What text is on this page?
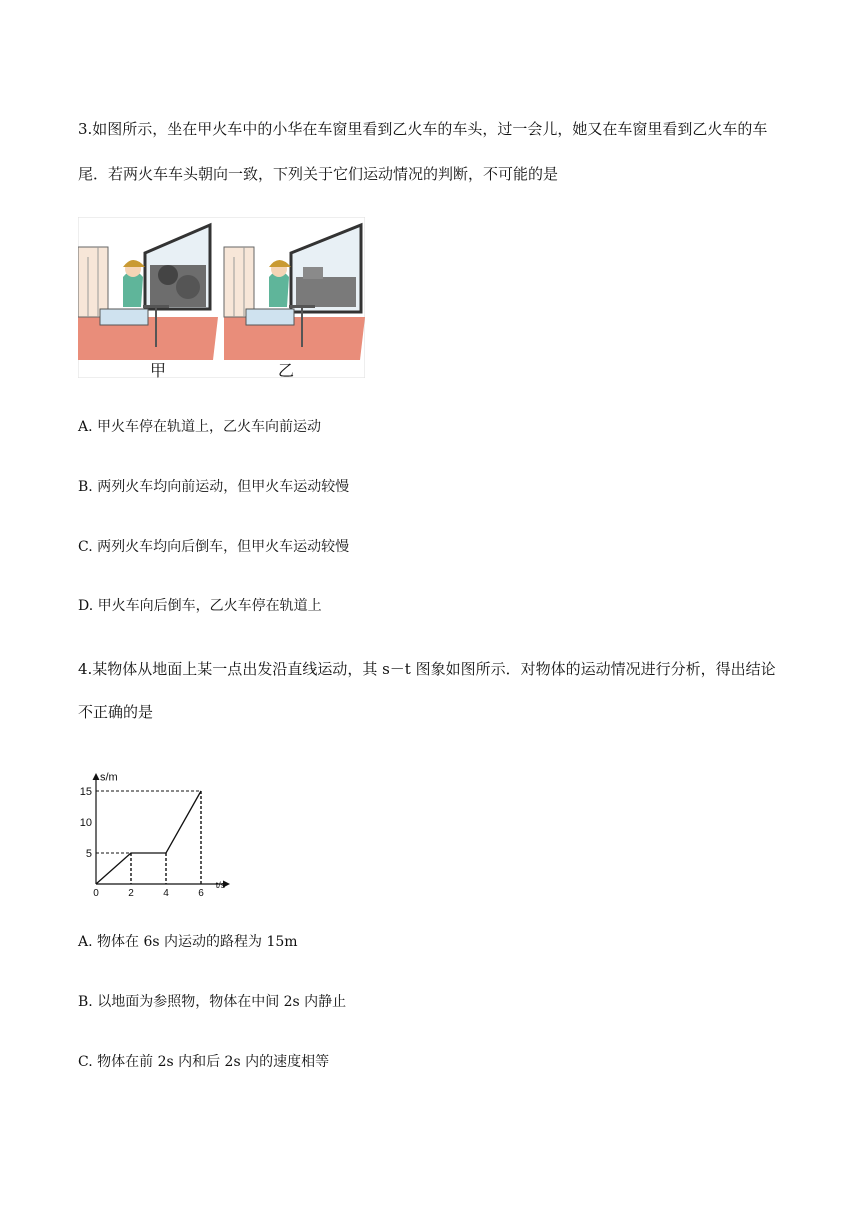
3.如图所示，坐在甲火车中的小华在车窗里看到乙火车的车头，过一会儿，她又在车窗里看到乙火车的车
尾．若两火车车头朝向一致，下列关于它们运动情况的判断，不可能的是
甲	乙
A. 甲火车停在轨道上，乙火车向前运动
B. 两列火车均向前运动，但甲火车运动较慢
C. 两列火车均向后倒车，但甲火车运动较慢
D. 甲火车向后倒车，乙火车停在轨道上
4.某物体从地面上某一点出发沿直线运动，其 s－t 图象如图所示．对物体的运动情况进行分析，得出结论
不正确的是
s/m
t/s
0	2	4	6
5
10
15
A. 物体在 6s 内运动的路程为 15m
B. 以地面为参照物，物体在中间 2s 内静止
C. 物体在前 2s 内和后 2s 内的速度相等
